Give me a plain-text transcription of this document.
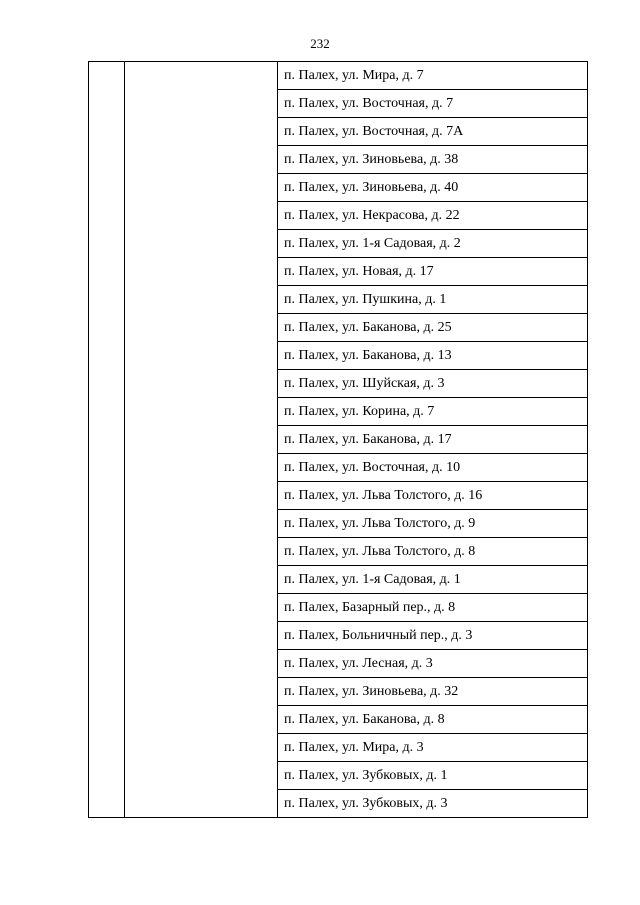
232
		п. Палех, ул. Мира, д. 7
п. Палех, ул. Восточная, д. 7
п. Палех, ул. Восточная, д. 7А
п. Палех, ул. Зиновьева, д. 38
п. Палех, ул. Зиновьева, д. 40
п. Палех, ул. Некрасова, д. 22
п. Палех, ул. 1-я Садовая, д. 2
п. Палех, ул. Новая, д. 17
п. Палех, ул. Пушкина, д. 1
п. Палех, ул. Баканова, д. 25
п. Палех, ул. Баканова, д. 13
п. Палех, ул. Шуйская, д. 3
п. Палех, ул. Корина, д. 7
п. Палех, ул. Баканова, д. 17
п. Палех, ул. Восточная, д. 10
п. Палех, ул. Льва Толстого, д. 16
п. Палех, ул. Льва Толстого, д. 9
п. Палех, ул. Льва Толстого, д. 8
п. Палех, ул. 1-я Садовая, д. 1
п. Палех, Базарный пер., д. 8
п. Палех, Больничный пер., д. 3
п. Палех, ул. Лесная, д. 3
п. Палех, ул. Зиновьева, д. 32
п. Палех, ул. Баканова, д. 8
п. Палех, ул. Мира, д. 3
п. Палех, ул. Зубковых, д. 1
п. Палех, ул. Зубковых, д. 3
